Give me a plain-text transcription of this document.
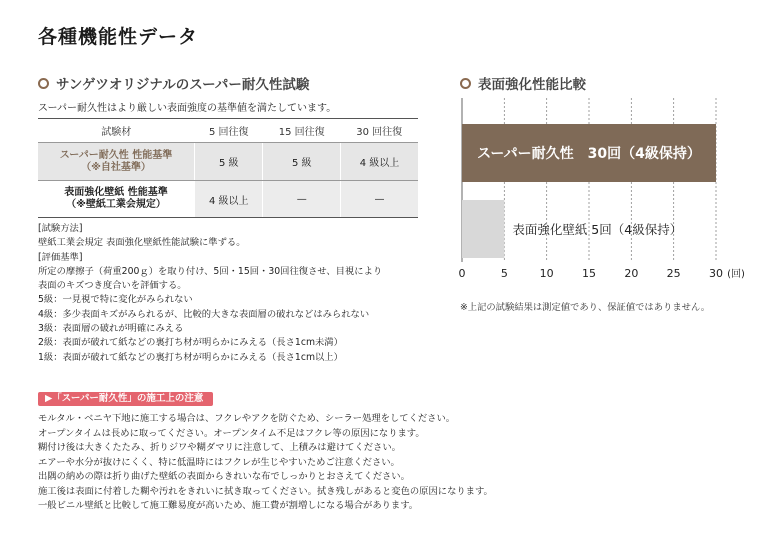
各種機能性データ
サンゲツオリジナルのスーパー耐久性試験
スーパー耐久性はより厳しい表面強度の基準値を満たしています。
試験材	5 回往復	15 回往復	30 回往復

スーパー耐久性 性能基準
（※自社基準）	5 級	5 級	4 級以上

表面強化壁紙 性能基準
（※壁紙工業会規定）	4 級以上	—	—
[試験方法]
壁紙工業会規定 表面強化壁紙性能試験に準ずる。
[評価基準]
所定の摩擦子（荷重200ｇ）を取り付け、5回・15回・30回往復させ、目視により
表面のキズつき度合いを評価する。
5級：一見視で特に変化がみられない
4級：多少表面キズがみられるが、比較的大きな表面層の破れなどはみられない
3級：表面層の破れが明確にみえる
2級：表面が破れて紙などの裏打ち材が明らかにみえる（長さ1cm未満）
1級：表面が破れて紙などの裏打ち材が明らかにみえる（長さ1cm以上）
▶「スーパー耐久性」の施工上の注意
モルタル・ベニヤ下地に施工する場合は、フクレやアクを防ぐため、シーラー処理をしてください。
オープンタイムは長めに取ってください。オープンタイム不足はフクレ等の原因になります。
糊付け後は大きくたたみ、折りジワや糊ダマリに注意して、上積みは避けてください。
エアーや水分が抜けにくく、特に低温時にはフクレが生じやすいためご注意ください。
出隅の納めの際は折り曲げた壁紙の表面からきれいな布でしっかりとおさえてください。
施工後は表面に付着した糊や汚れをきれいに拭き取ってください。拭き残しがあると変色の原因になります。
一般ビニル壁紙と比較して施工難易度が高いため、施工費が割増しになる場合があります。
表面強化性能比較
0	5	10	15	20	25	30 (回)
スーパー耐久性　30回（4級保持）
表面強化壁紙 5回（4級保持）
※上記の試験結果は測定値であり、保証値ではありません。
